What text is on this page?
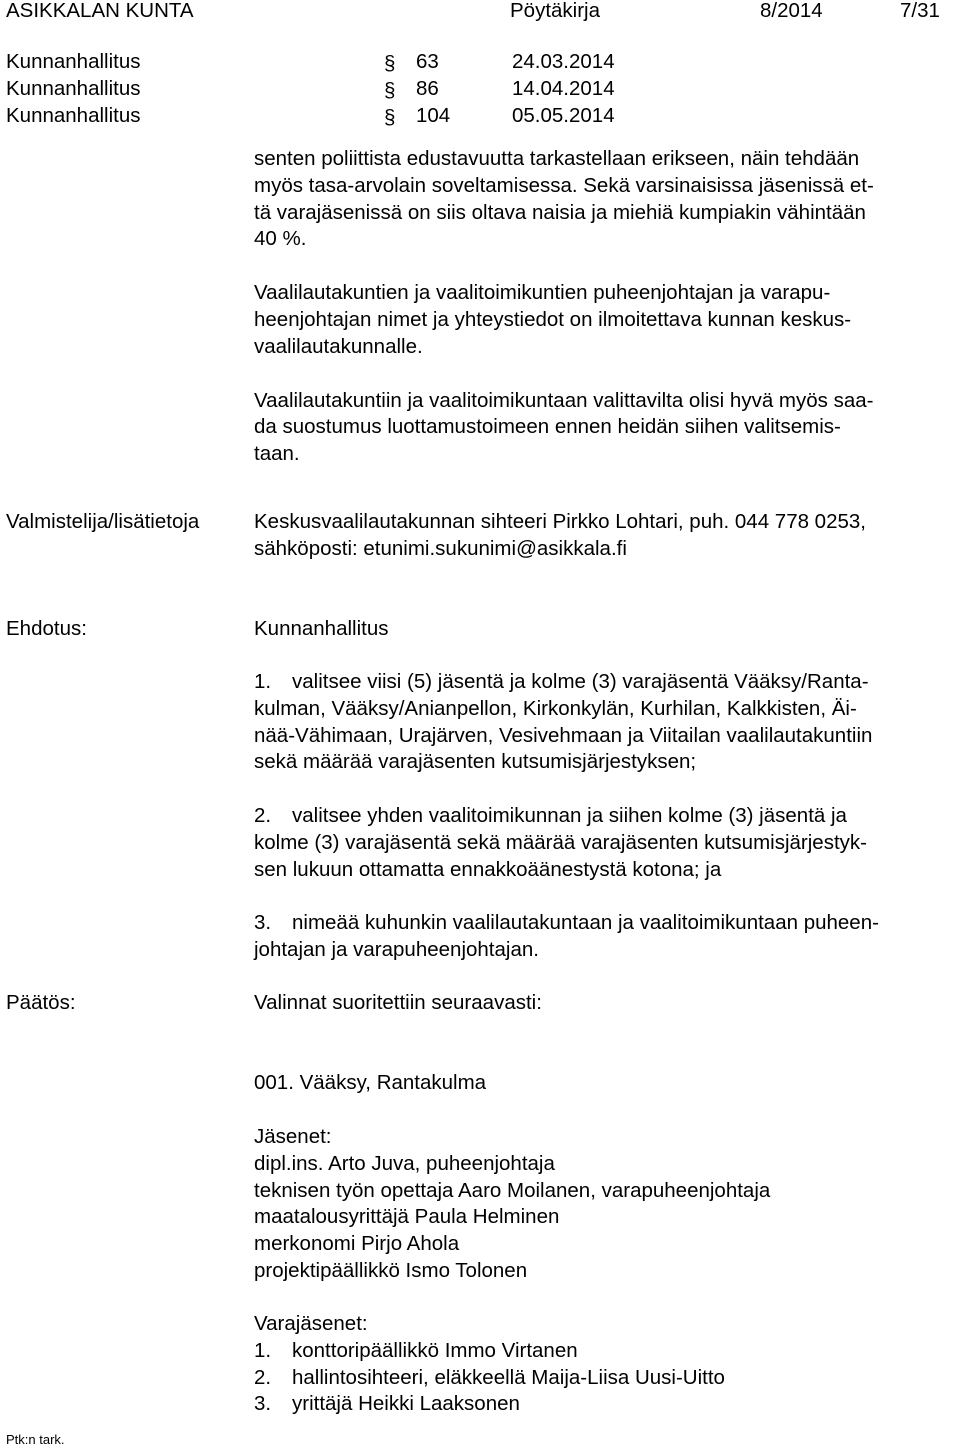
ASIKKALAN KUNTA	Pöytäkirja	8/2014	7/31
Kunnanhallitus	§ 63	24.03.2014
Kunnanhallitus	§ 86	14.04.2014
Kunnanhallitus	§ 104	05.05.2014
senten poliittista edustavuutta tarkastellaan erikseen, näin tehdään
myös tasa-arvolain soveltamisessa. Sekä varsinaisissa jäsenissä et-
tä varajäsenissä on siis oltava naisia ja miehiä kumpiakin vähintään
40 %.
Vaalilautakuntien ja vaalitoimikuntien puheenjohtajan ja varapu-
heenjohtajan nimet ja yhteystiedot on ilmoitettava kunnan keskus-
vaalilautakunnalle.
Vaalilautakuntiin ja vaalitoimikuntaan valittavilta olisi hyvä myös saa-
da suostumus luottamustoimeen ennen heidän siihen valitsemis-
taan.
Valmistelija/lisätietoja	Keskusvaalilautakunnan sihteeri Pirkko Lohtari, puh. 044 778 0253,
sähköposti: etunimi.sukunimi@asikkala.fi
Ehdotus:	Kunnanhallitus
1. valitsee viisi (5) jäsentä ja kolme (3) varajäsentä Vääksy/Ranta-
kulman, Vääksy/Anianpellon, Kirkonkylän, Kurhilan, Kalkkisten, Äi-
nää-Vähimaan, Urajärven, Vesivehmaan ja Viitailan vaalilautakuntiin
sekä määrää varajäsenten kutsumisjärjestyksen;
2. valitsee yhden vaalitoimikunnan ja siihen kolme (3) jäsentä ja
kolme (3) varajäsentä sekä määrää varajäsenten kutsumisjärjestyk-
sen lukuun ottamatta ennakkoäänestystä kotona; ja
3. nimeää kuhunkin vaalilautakuntaan ja vaalitoimikuntaan puheen-
johtajan ja varapuheenjohtajan.
Päätös:	Valinnat suoritettiin seuraavasti:
001. Vääksy, Rantakulma
Jäsenet:
dipl.ins. Arto Juva, puheenjohtaja
teknisen työn opettaja Aaro Moilanen, varapuheenjohtaja
maatalousyrittäjä Paula Helminen
merkonomi Pirjo Ahola
projektipäällikkö Ismo Tolonen
Varajäsenet:
1. konttoripäällikkö Immo Virtanen
2. hallintosihteeri, eläkkeellä Maija-Liisa Uusi-Uitto
3. yrittäjä Heikki Laaksonen
Ptk:n tark.
